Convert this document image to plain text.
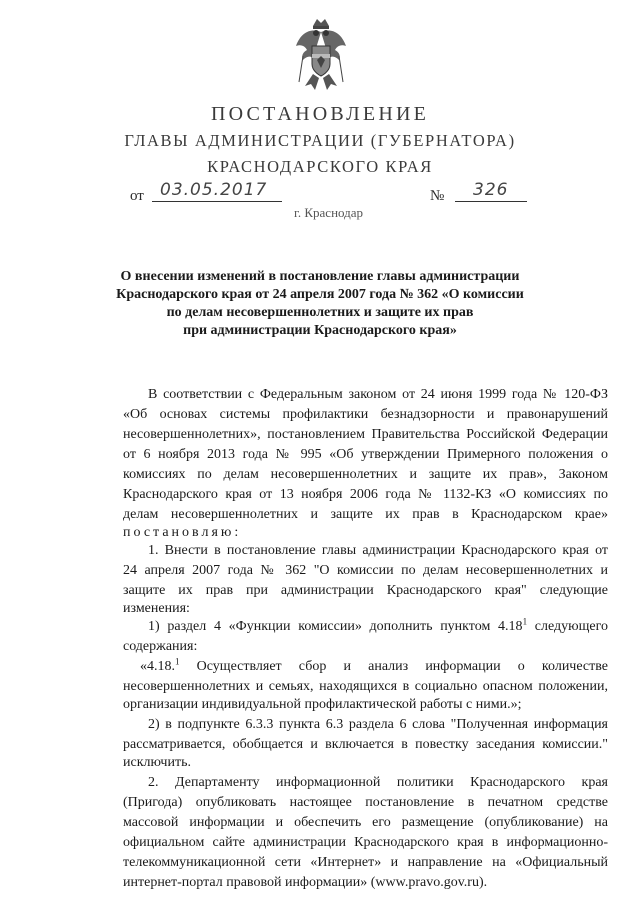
ПОСТАНОВЛЕНИЕ
ГЛАВЫ АДМИНИСТРАЦИИ (ГУБЕРНАТОРА)
КРАСНОДАРСКОГО КРАЯ
от 03.05.2017	№ 326
г. Краснодар
О внесении изменений в постановление главы администрации
Краснодарского края от 24 апреля 2007 года № 362 «О комиссии
по делам несовершеннолетних и защите их прав
при администрации Краснодарского края»
В соответствии с Федеральным законом от 24 июня 1999 года № 120-ФЗ
«Об основах системы профилактики безнадзорности и правонарушений
несовершеннолетних», постановлением Правительства Российской Федерации
от 6 ноября 2013 года № 995 «Об утверждении Примерного положения о
комиссиях по делам несовершеннолетних и защите их прав», Законом
Краснодарского края от 13 ноября 2006 года № 1132-КЗ «О комиссиях по
делам несовершеннолетних и защите их прав в Краснодарском крае»
постановляю:
1. Внести в постановление главы администрации Краснодарского края от
24 апреля 2007 года № 362 "О комиссии по делам несовершеннолетних и
защите их прав при администрации Краснодарского края" следующие
изменения:
1) раздел 4 «Функции комиссии» дополнить пунктом 4.18$^1$ следующего
содержания:
«4.18.$^1$ Осуществляет сбор и анализ информации о количестве
несовершеннолетних и семьях, находящихся в социально опасном положении,
организации индивидуальной профилактической работы с ними.»;
2) в подпункте 6.3.3 пункта 6.3 раздела 6 слова "Полученная информация
рассматривается, обобщается и включается в повестку заседания комиссии."
исключить.
2. Департаменту информационной политики Краснодарского края
(Пригода) опубликовать настоящее постановление в печатном средстве
массовой информации и обеспечить его размещение (опубликование) на
официальном сайте администрации Краснодарского края в информационно-
телекоммуникационной сети «Интернет» и направление на «Официальный
интернет-портал правовой информации» (www.pravo.gov.ru).
